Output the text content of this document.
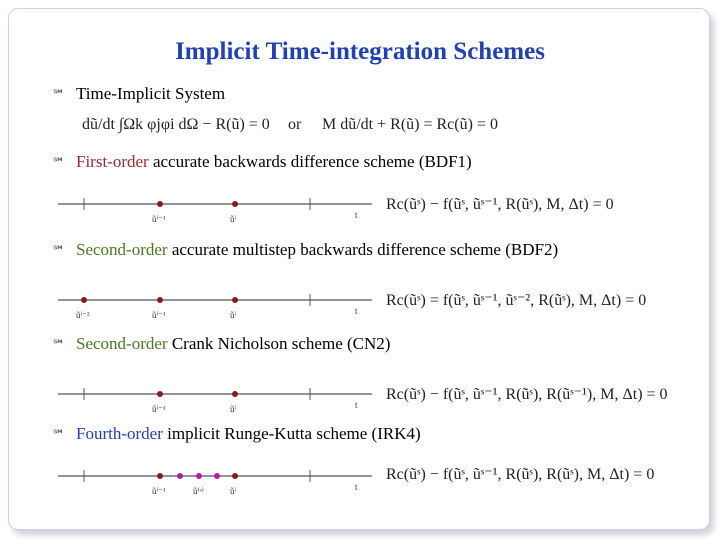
Implicit Time-integration Schemes
℠ Time-Implicit System
dũ/dt ∫Ωk φjφi dΩ − R(ũ) = 0 or M dũ/dt + R(ũ) = Rc(ũ) = 0
℠ First-order accurate backwards difference scheme (BDF1)
ũⁱ⁻¹	ũⁱ	t
Rc(ũˢ) − f(ũˢ, ũˢ⁻¹, R(ũˢ), M, Δt) = 0
℠ Second-order accurate multistep backwards difference scheme (BDF2)
ũⁱ⁻²	ũⁱ⁻¹	ũⁱ	t
Rc(ũˢ) = f(ũˢ, ũˢ⁻¹, ũˢ⁻², R(ũˢ), M, Δt) = 0
℠ Second-order Crank Nicholson scheme (CN2)
ũⁱ⁻¹	ũⁱ	t
Rc(ũˢ) − f(ũˢ, ũˢ⁻¹, R(ũˢ), R(ũˢ⁻¹), M, Δt) = 0
℠ Fourth-order implicit Runge-Kutta scheme (IRK4)
ũⁱ⁻¹	ũ⁽ˢ⁾	ũⁱ	t
Rc(ũˢ) − f(ũˢ, ũˢ⁻¹, R(ũˢ), R(ũˢ), M, Δt) = 0
